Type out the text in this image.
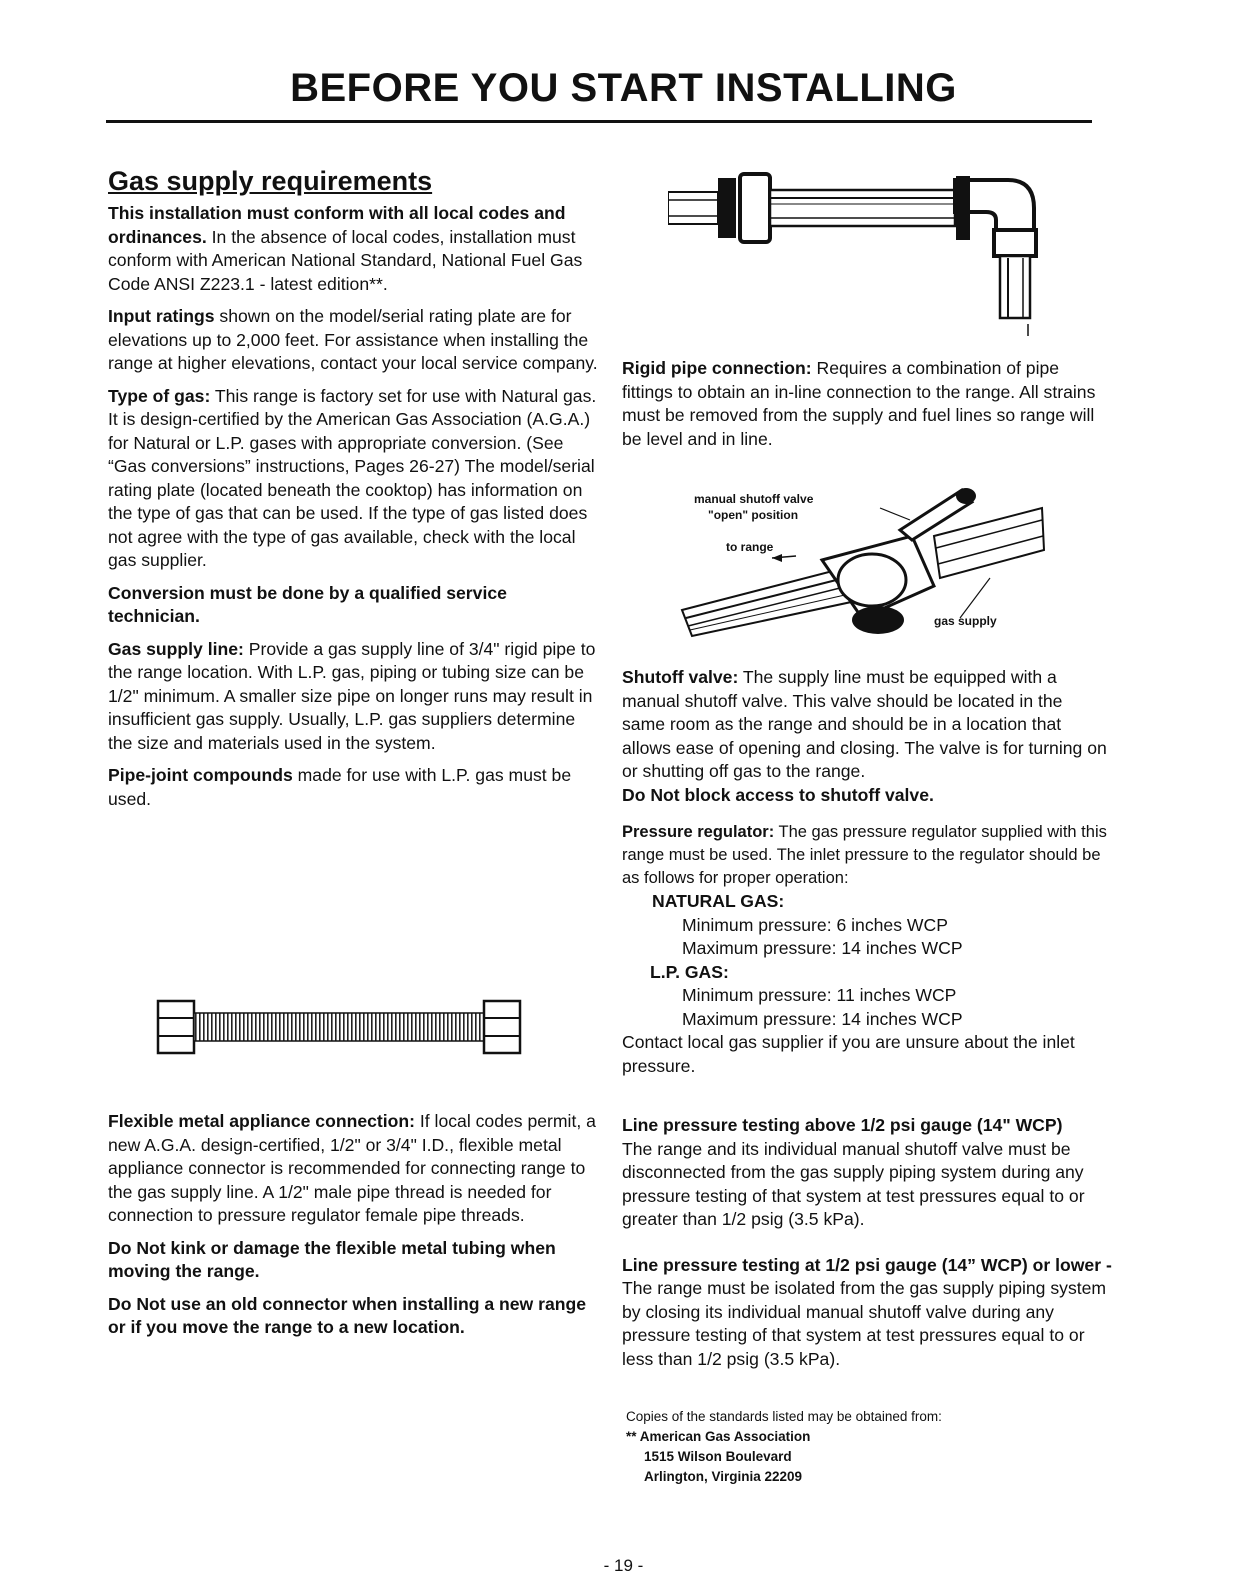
BEFORE YOU START INSTALLING
Gas supply requirements

This installation must conform with all local codes and ordinances. In the absence of local codes, installation must conform with American National Standard, National Fuel Gas Code ANSI Z223.1 - latest edition**.

Input ratings shown on the model/serial rating plate are for elevations up to 2,000 feet. For assistance when installing the range at higher elevations, contact your local service company.

Type of gas: This range is factory set for use with Natural gas. It is design-certified by the American Gas Association (A.G.A.) for Natural or L.P. gases with appropriate conversion. (See “Gas conversions” instructions, Pages 26-27) The model/serial rating plate (located beneath the cooktop) has information on the type of gas that can be used. If the type of gas listed does not agree with the type of gas available, check with the local gas supplier.

Conversion must be done by a qualified service technician.

Gas supply line: Provide a gas supply line of 3/4" rigid pipe to the range location. With L.P. gas, piping or tubing size can be 1/2" minimum. A smaller size pipe on longer runs may result in insufficient gas supply. Usually, L.P. gas suppliers determine the size and materials used in the system.

Pipe-joint compounds made for use with L.P. gas must be used.

Flexible metal appliance connection: If local codes permit, a new A.G.A. design-certified, 1/2" or 3/4" I.D., flexible metal appliance connector is recommended for connecting range to the gas supply line. A 1/2" male pipe thread is needed for connection to pressure regulator female pipe threads.

Do Not kink or damage the flexible metal tubing when moving the range.

Do Not use an old connector when installing a new range or if you move the range to a new location.

Rigid pipe connection: Requires a combination of pipe fittings to obtain an in-line connection to the range. All strains must be removed from the supply and fuel lines so range will be level and in line.

manual shutoff valve
"open" position
to range
gas supply

Shutoff valve: The supply line must be equipped with a manual shutoff valve. This valve should be located in the same room as the range and should be in a location that allows ease of opening and closing. The valve is for turning on or shutting off gas to the range.
Do Not block access to shutoff valve.

Pressure regulator: The gas pressure regulator supplied with this range must be used. The inlet pressure to the regulator should be as follows for proper operation:
NATURAL GAS:
Minimum pressure: 6 inches WCP
Maximum pressure: 14 inches WCP
L.P. GAS:
Minimum pressure: 11 inches WCP
Maximum pressure: 14 inches WCP

Contact local gas supplier if you are unsure about the inlet pressure.

Line pressure testing above 1/2 psi gauge (14" WCP)
The range and its individual manual shutoff valve must be disconnected from the gas supply piping system during any pressure testing of that system at test pressures equal to or greater than 1/2 psig (3.5 kPa).

Line pressure testing at 1/2 psi gauge (14” WCP) or lower - The range must be isolated from the gas supply piping system by closing its individual manual shutoff valve during any pressure testing of that system at test pressures equal to or less than 1/2 psig (3.5 kPa).

Copies of the standards listed may be obtained from:
** American Gas Association
1515 Wilson Boulevard
Arlington, Virginia 22209
- 19 -
